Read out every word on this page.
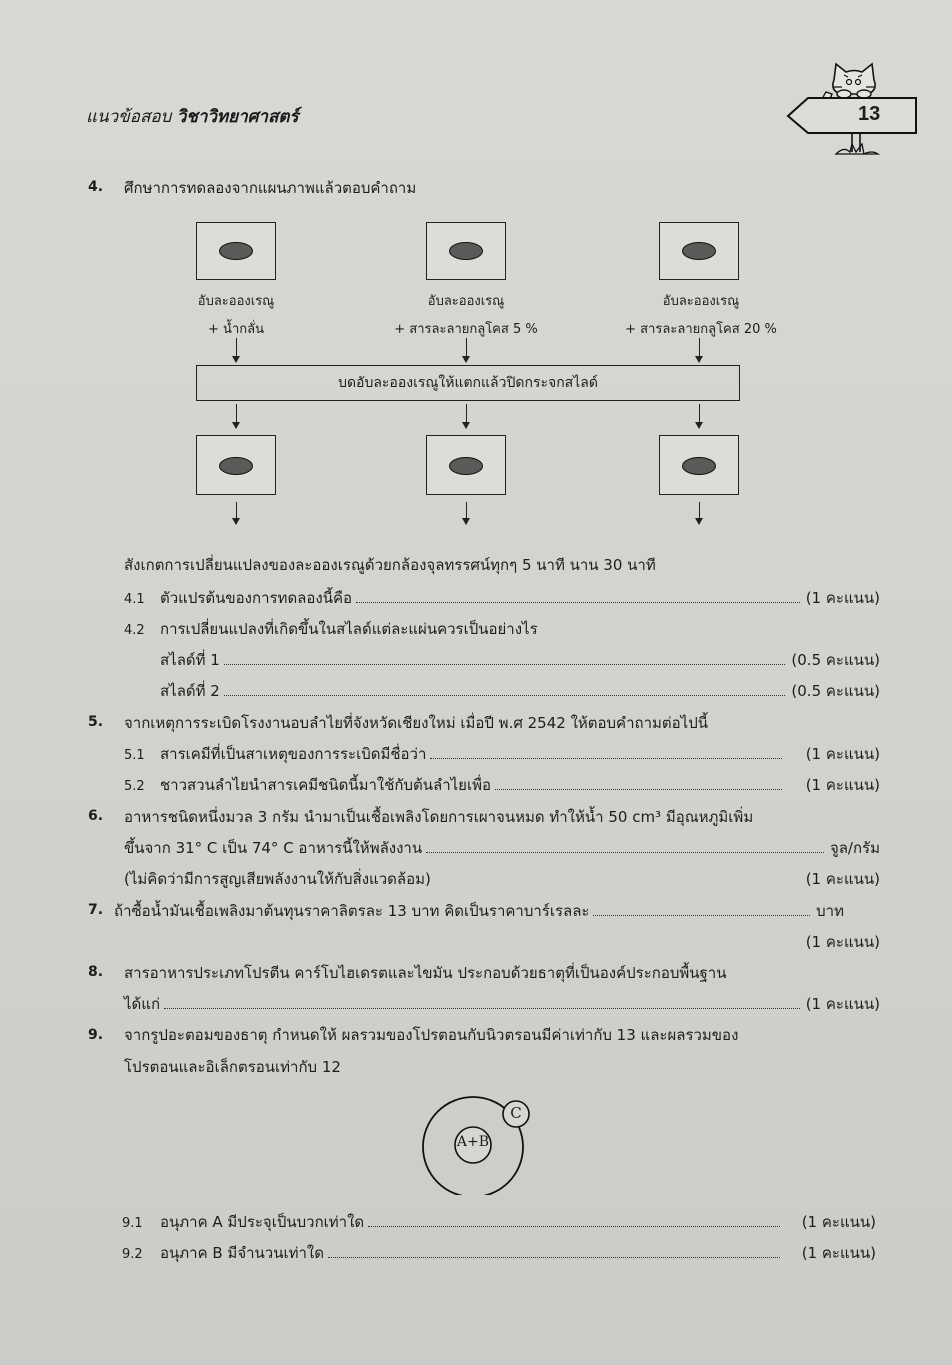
แนวข้อสอบ วิชาวิทยาศาสตร์	13
4. ศึกษาการทดลองจากแผนภาพแล้วตอบคำถาม
อับละอองเรณู
+ น้ำกลั่น
อับละอองเรณู
+ สารละลายกลูโคส 5 %
อับละอองเรณู
+ สารละลายกลูโคส 20 %
บดอับละอองเรณูให้แตกแล้วปิดกระจกสไลด์
สังเกตการเปลี่ยนแปลงของละอองเรณูด้วยกล้องจุลทรรศน์ทุกๆ 5 นาที นาน 30 นาที
4.1	ตัวแปรต้นของการทดลองนี้คือ	(1 คะแนน)
4.2	การเปลี่ยนแปลงที่เกิดขึ้นในสไลด์แต่ละแผ่นควรเป็นอย่างไร
สไลด์ที่ 1	(0.5 คะแนน)
สไลด์ที่ 2	(0.5 คะแนน)
5. จากเหตุการระเบิดโรงงานอบลำไยที่จังหวัดเชียงใหม่ เมื่อปี พ.ศ 2542 ให้ตอบคำถามต่อไปนี้
5.1	สารเคมีที่เป็นสาเหตุของการระเบิดมีชื่อว่า	(1 คะแนน)
5.2	ชาวสวนลำไยนำสารเคมีชนิดนี้มาใช้กับต้นลำไยเพื่อ	(1 คะแนน)
6. อาหารชนิดหนึ่งมวล 3 กรัม นำมาเป็นเชื้อเพลิงโดยการเผาจนหมด ทำให้น้ำ 50 cm³ มีอุณหภูมิเพิ่ม
ขึ้นจาก 31° C เป็น 74° C อาหารนี้ให้พลังงาน	จูล/กรัม
(ไม่คิดว่ามีการสูญเสียพลังงานให้กับสิ่งแวดล้อม)	(1 คะแนน)
7. ถ้าซื้อน้ำมันเชื้อเพลิงมาต้นทุนราคาลิตรละ 13 บาท คิดเป็นราคาบาร์เรลละ	บาท
(1 คะแนน)
8. สารอาหารประเภทโปรตีน คาร์โบไฮเดรตและไขมัน ประกอบด้วยธาตุที่เป็นองค์ประกอบพื้นฐาน
ได้แก่	(1 คะแนน)
9. จากรูปอะตอมของธาตุ กำหนดให้ ผลรวมของโปรตอนกับนิวตรอนมีค่าเท่ากับ 13 และผลรวมของ
โปรตอนและอิเล็กตรอนเท่ากับ 12
A+B
C
9.1	อนุภาค A มีประจุเป็นบวกเท่าใด	(1 คะแนน)
9.2	อนุภาค B มีจำนวนเท่าใด	(1 คะแนน)
